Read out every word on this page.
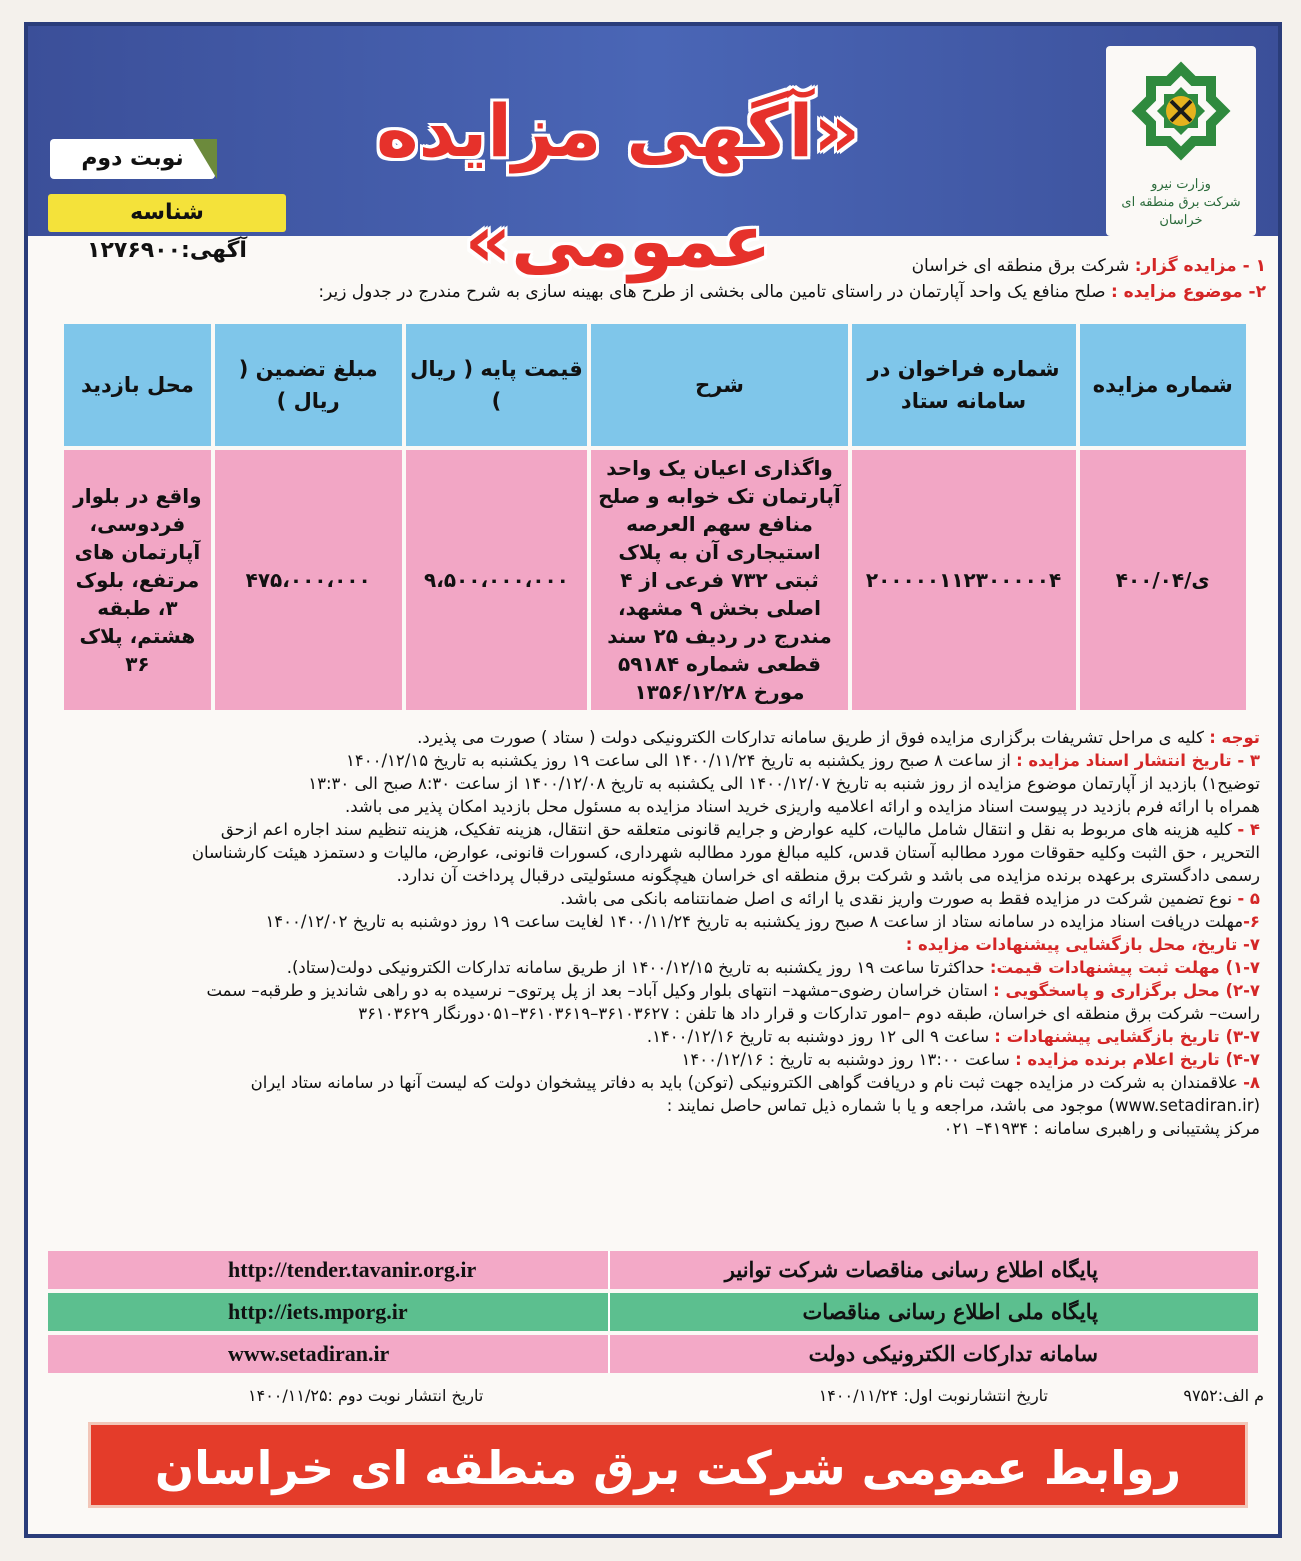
وزارت نیرو
شرکت برق منطقه ای خراسان
«آگهی مزایده عمومی»
نوبت دوم
شناسه آگهی:۱۲۷۶۹۰۰
۱ - مزایده گزار: شرکت برق منطقه ای خراسان
۲- موضوع مزایده : صلح منافع یک واحد آپارتمان در راستای تامین مالی بخشی از طرح های بهینه سازی به شرح مندرج در جدول زیر:
شماره مزایده	شماره فراخوان در سامانه ستاد	شرح	قیمت پایه ( ریال )	مبلغ تضمین ( ریال )	محل بازدید
ی/۴۰۰/۰۴	۲۰۰۰۰۰۱۱۲۳۰۰۰۰۰۴	واگذاری اعیان یک واحد آپارتمان تک خوابه و صلح منافع سهم العرصه استیجاری آن به پلاک ثبتی ۷۳۲ فرعی از ۴ اصلی بخش ۹ مشهد، مندرج در ردیف ۲۵ سند قطعی شماره ۵۹۱۸۴ مورخ ۱۳۵۶/۱۲/۲۸	۹،۵۰۰،۰۰۰،۰۰۰	۴۷۵،۰۰۰،۰۰۰	واقع در بلوار فردوسی، آپارتمان های مرتفع، بلوک ۳، طبقه هشتم، پلاک ۳۶

توجه : کلیه ی مراحل تشریفات برگزاری مزایده فوق از طریق سامانه تدارکات الکترونیکی دولت ( ستاد ) صورت می پذیرد.

۳ - تاریخ انتشار اسناد مزایده : از ساعت ۸ صبح روز یکشنبه به تاریخ ۱۴۰۰/۱۱/۲۴ الی ساعت ۱۹ روز یکشنبه به تاریخ ۱۴۰۰/۱۲/۱۵

توضیح۱) بازدید از آپارتمان موضوع مزایده از روز شنبه به تاریخ ۱۴۰۰/۱۲/۰۷ الی یکشنبه به تاریخ ۱۴۰۰/۱۲/۰۸ از ساعت ۸:۳۰ صبح الی ۱۳:۳۰

همراه با ارائه فرم بازدید در پیوست اسناد مزایده و ارائه اعلامیه واریزی خرید اسناد مزایده به مسئول محل بازدید امکان پذیر می باشد.

۴ - کلیه هزینه های مربوط به نقل و انتقال شامل مالیات، کلیه عوارض و جرایم قانونی متعلقه حق انتقال، هزینه تفکیک، هزینه تنظیم سند اجاره اعم ازحق

التحریر ، حق الثبت وکلیه حقوقات مورد مطالبه آستان قدس، کلیه مبالغ مورد مطالبه شهرداری، کسورات قانونی، عوارض، مالیات و دستمزد هیئت کارشناسان

رسمی دادگستری برعهده برنده مزایده می باشد و شرکت برق منطقه ای خراسان هیچگونه مسئولیتی درقبال پرداخت آن ندارد.

۵ - نوع تضمین شرکت در مزایده فقط به صورت واریز نقدی یا ارائه ی اصل ضمانتنامه بانکی می باشد.

۶-مهلت دریافت اسناد مزایده در سامانه ستاد از ساعت ۸ صبح روز یکشنبه به تاریخ ۱۴۰۰/۱۱/۲۴ لغایت ساعت ۱۹ روز دوشنبه به تاریخ ۱۴۰۰/۱۲/۰۲

۷- تاریخ، محل بازگشایی پیشنهادات مزایده :

۱-۷) مهلت ثبت پیشنهادات قیمت: حداکثرتا ساعت ۱۹ روز یکشنبه به تاریخ ۱۴۰۰/۱۲/۱۵ از طریق سامانه تدارکات الکترونیکی دولت(ستاد).

۲-۷) محل برگزاری و پاسخگویی : استان خراسان رضوی–مشهد– انتهای بلوار وکیل آباد– بعد از پل پرتوی– نرسیده به دو راهی شاندیز و طرقبه– سمت

راست– شرکت برق منطقه ای خراسان، طبقه دوم –امور تدارکات و قرار داد ها تلفن : ۳۶۱۰۳۶۲۷–۳۶۱۰۳۶۱۹–۰۵۱دورنگار ۳۶۱۰۳۶۲۹

۳-۷) تاریخ بازگشایی پیشنهادات : ساعت ۹ الی ۱۲ روز دوشنبه به تاریخ ۱۴۰۰/۱۲/۱۶.

۴-۷) تاریخ اعلام برنده مزایده : ساعت ۱۳:۰۰ روز دوشنبه به تاریخ : ۱۴۰۰/۱۲/۱۶

۸- علاقمندان به شرکت در مزایده جهت ثبت نام و دریافت گواهی الکترونیکی (توکن) باید به دفاتر پیشخوان دولت که لیست آنها در سامانه ستاد ایران

(www.setadiran.ir) موجود می باشد، مراجعه و یا با شماره ذیل تماس حاصل نمایند :

مرکز پشتیبانی و راهبری سامانه : ۴۱۹۳۴– ۰۲۱

پایگاه اطلاع رسانی مناقصات شرکت توانیر
http://tender.tavanir.org.ir
پایگاه ملی اطلاع رسانی مناقصات
http://iets.mporg.ir
سامانه تدارکات الکترونیکی دولت
www.setadiran.ir
م الف:۹۷۵۲
تاریخ انتشارنوبت اول: ۱۴۰۰/۱۱/۲۴
تاریخ انتشار نوبت دوم :۱۴۰۰/۱۱/۲۵
روابط عمومی شرکت برق منطقه ای خراسان
